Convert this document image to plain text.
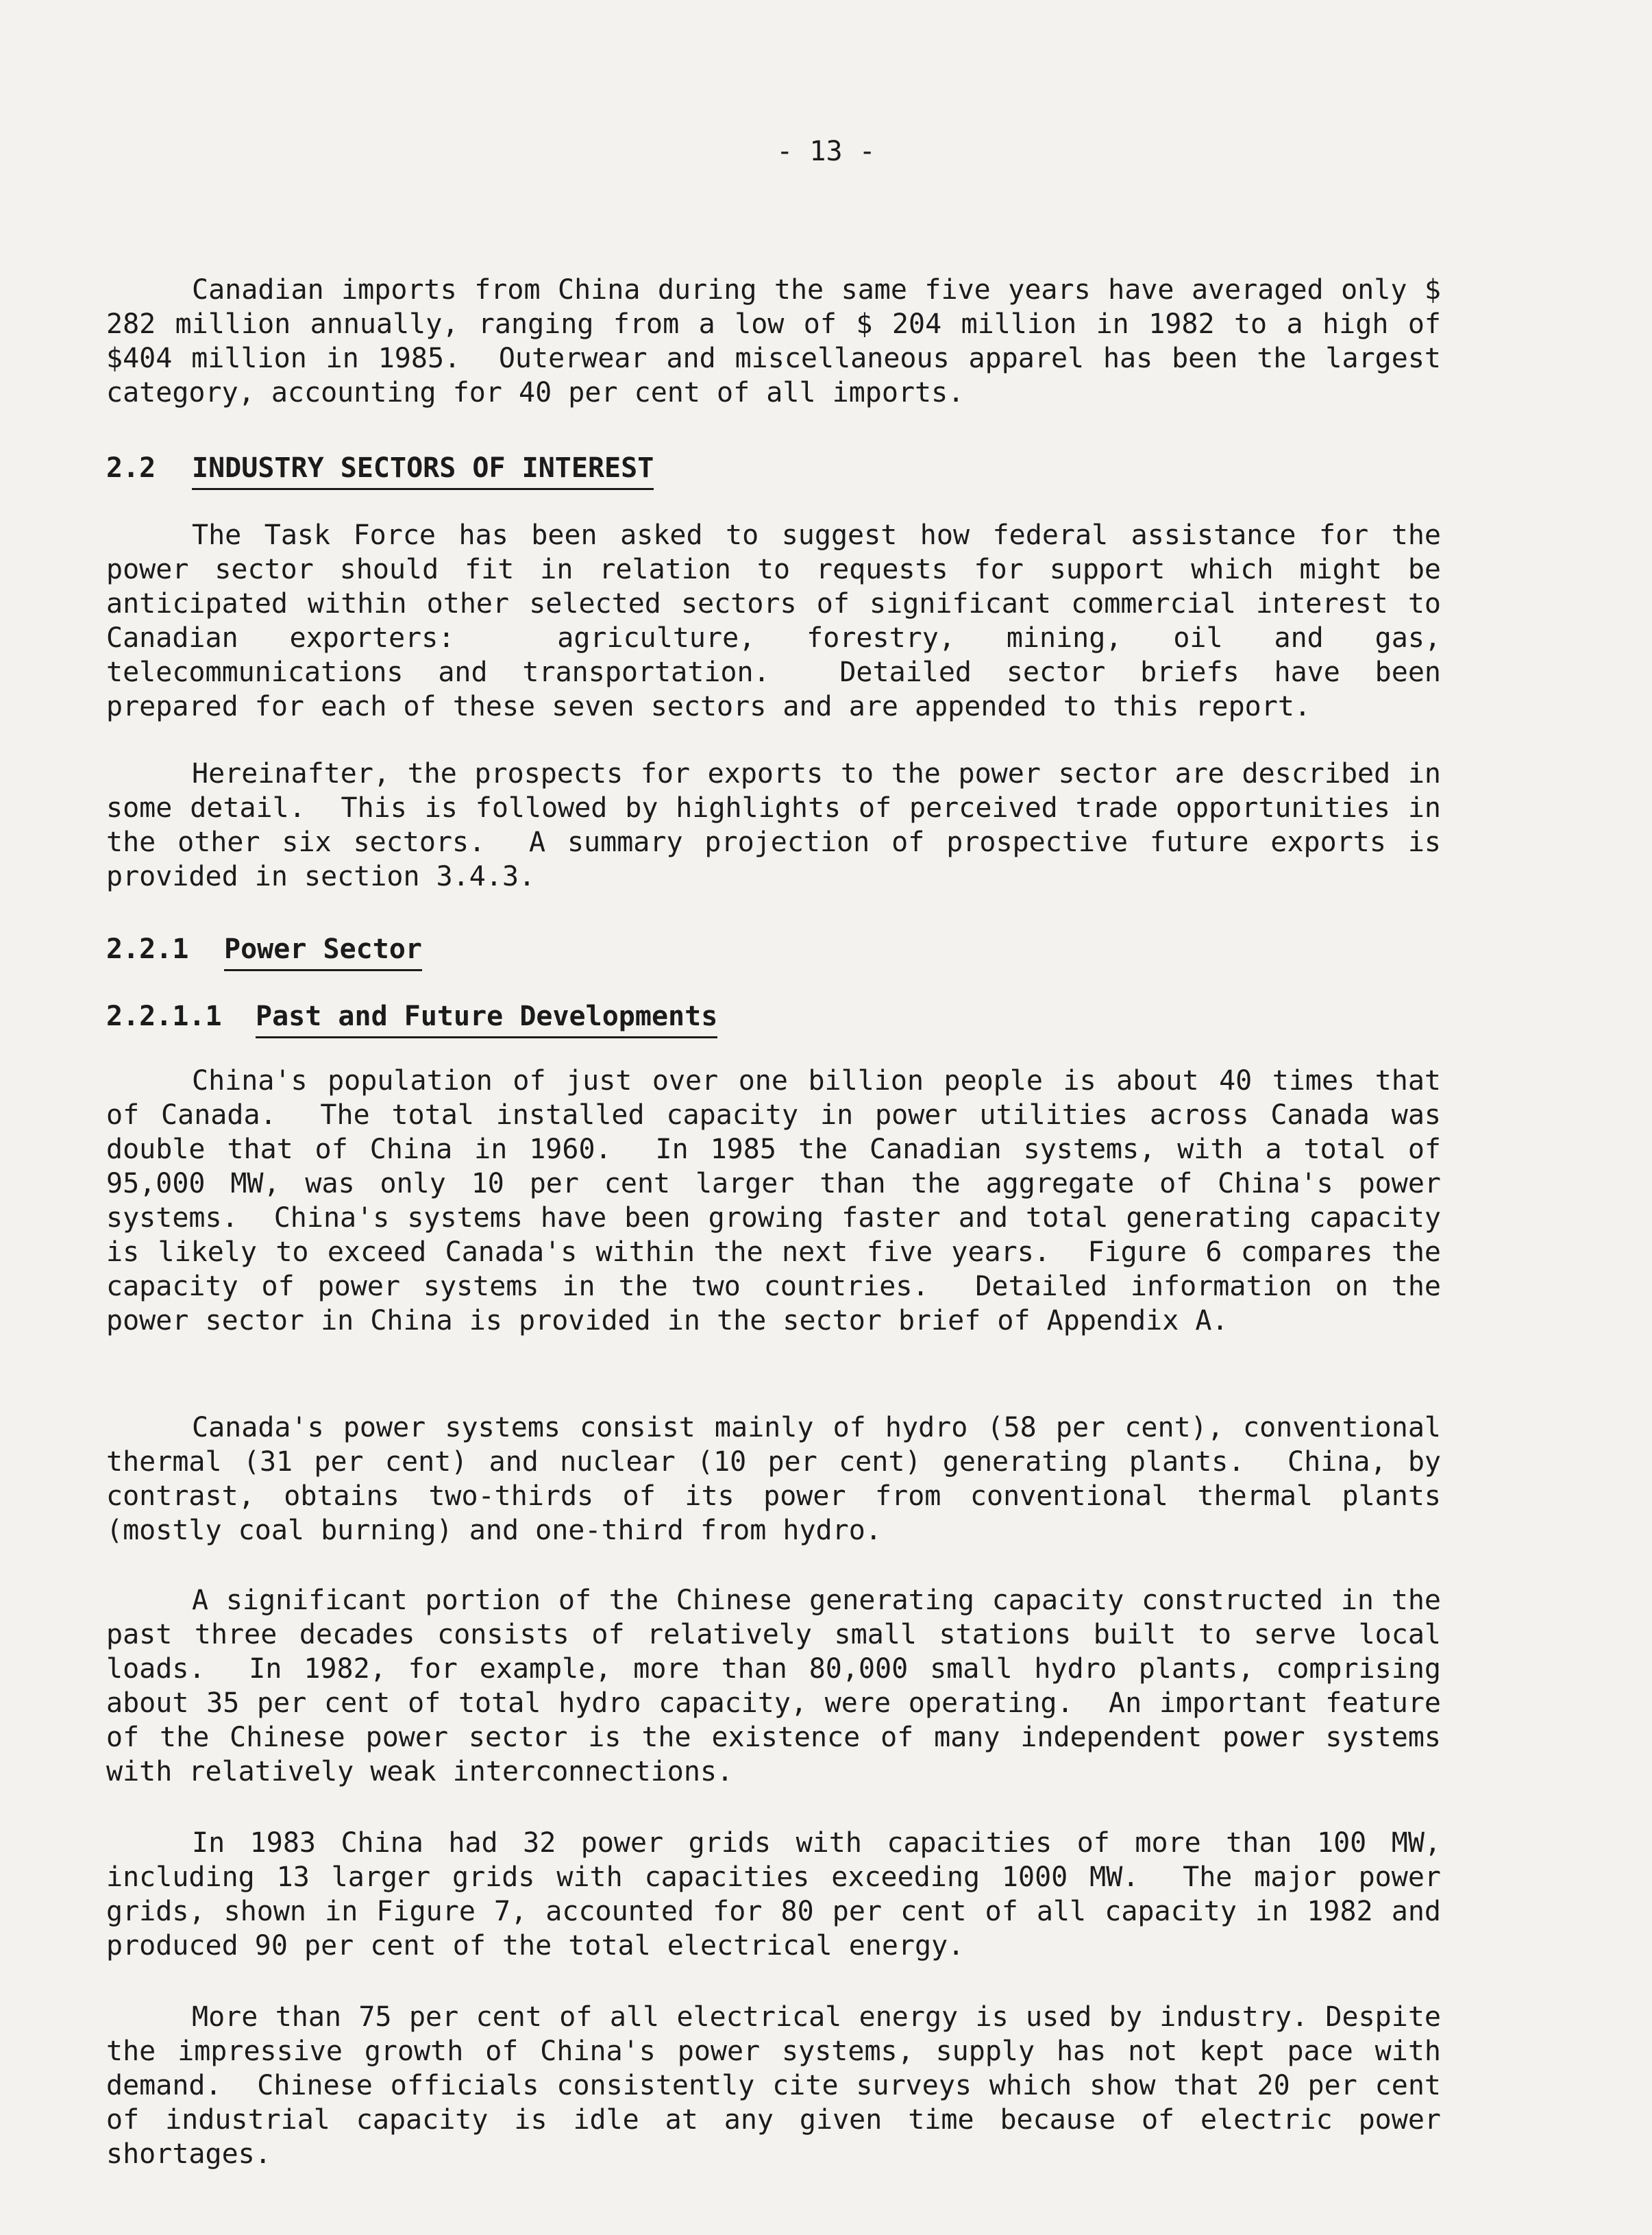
- 13 -

Canadian imports from China during the same five years have averaged only $ 282 million annually, ranging from a low of $ 204 million in 1982 to a high of $404 million in 1985.  Outerwear and miscellaneous apparel has been the largest category, accounting for 40 per cent of all imports.

2.2 INDUSTRY SECTORS OF INTEREST

The Task Force has been asked to suggest how federal assistance for the power sector should fit in relation to requests for support which might be anticipated within other selected sectors of significant commercial interest to Canadian exporters:  agriculture, forestry, mining, oil and gas, telecommunications and transportation.  Detailed sector briefs have been prepared for each of these seven sectors and are appended to this report.

Hereinafter, the prospects for exports to the power sector are described in some detail.  This is followed by highlights of perceived trade opportunities in the other six sectors.  A summary projection of prospective future exports is provided in section 3.4.3.

2.2.1 Power Sector
2.2.1.1 Past and Future Developments

China's population of just over one billion people is about 40 times that of Canada.  The total installed capacity in power utilities across Canada was double that of China in 1960.  In 1985 the Canadian systems, with a total of 95,000 MW, was only 10 per cent larger than the aggregate of China's power systems.  China's systems have been growing faster and total generating capacity is likely to exceed Canada's within the next five years.  Figure 6 compares the capacity of power systems in the two countries.  Detailed information on the power sector in China is provided in the sector brief of Appendix A.

Canada's power systems consist mainly of hydro (58 per cent), conventional thermal (31 per cent) and nuclear (10 per cent) generating plants.  China, by contrast, obtains two-thirds of its power from conventional thermal plants (mostly coal burning) and one-third from hydro.

A significant portion of the Chinese generating capacity constructed in the past three decades consists of relatively small stations built to serve local loads.  In 1982, for example, more than 80,000 small hydro plants, comprising about 35 per cent of total hydro capacity, were operating.  An important feature of the Chinese power sector is the existence of many independent power systems with relatively weak interconnections.

In 1983 China had 32 power grids with capacities of more than 100 MW, including 13 larger grids with capacities exceeding 1000 MW.  The major power grids, shown in Figure 7, accounted for 80 per cent of all capacity in 1982 and produced 90 per cent of the total electrical energy.

More than 75 per cent of all electrical energy is used by industry. Despite the impressive growth of China's power systems, supply has not kept pace with demand.  Chinese officials consistently cite surveys which show that 20 per cent of industrial capacity is idle at any given time because of electric power shortages.
